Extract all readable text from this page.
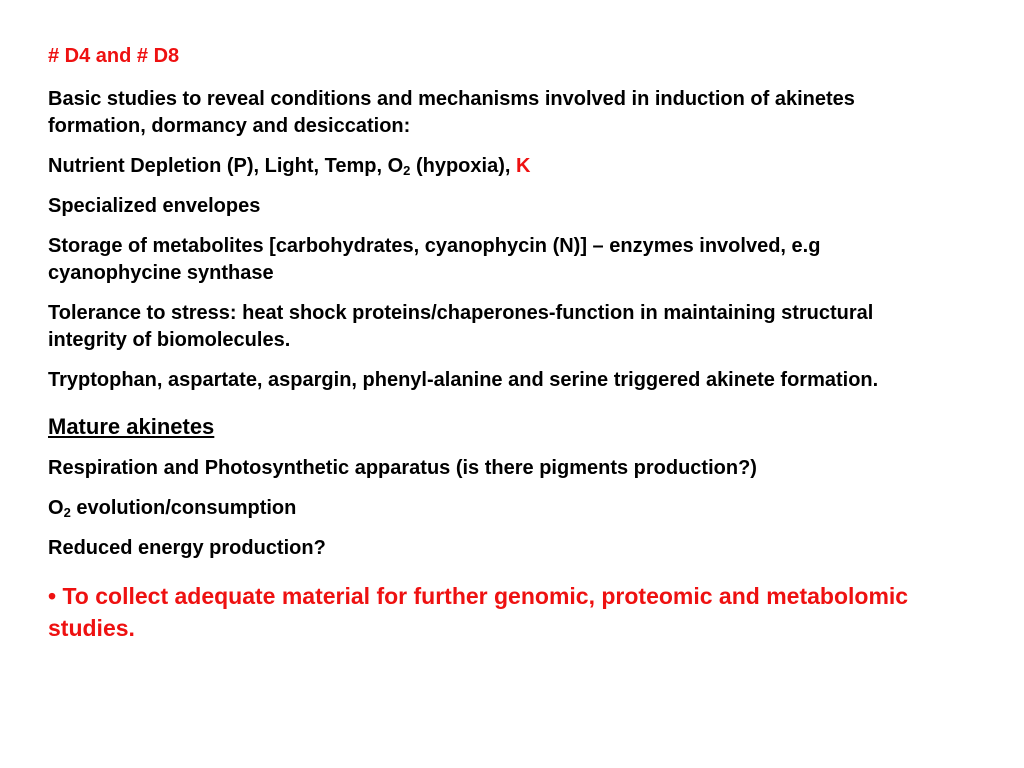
# D4 and # D8

Basic studies to reveal conditions and mechanisms involved in induction of akinetes formation, dormancy and desiccation:

Nutrient Depletion (P), Light, Temp, $O_2$ (hypoxia), K

Specialized envelopes

Storage of metabolites [carbohydrates, cyanophycin (N)] – enzymes involved, e.g cyanophycine synthase

Tolerance to stress: heat shock proteins/chaperones-function in maintaining structural integrity of biomolecules.

Tryptophan, aspartate, aspargin, phenyl-alanine and serine triggered akinete formation.

Mature akinetes

Respiration and Photosynthetic apparatus (is there pigments production?)

$O_2$ evolution/consumption

Reduced energy production?

• To collect adequate material for further genomic, proteomic and metabolomic studies.
